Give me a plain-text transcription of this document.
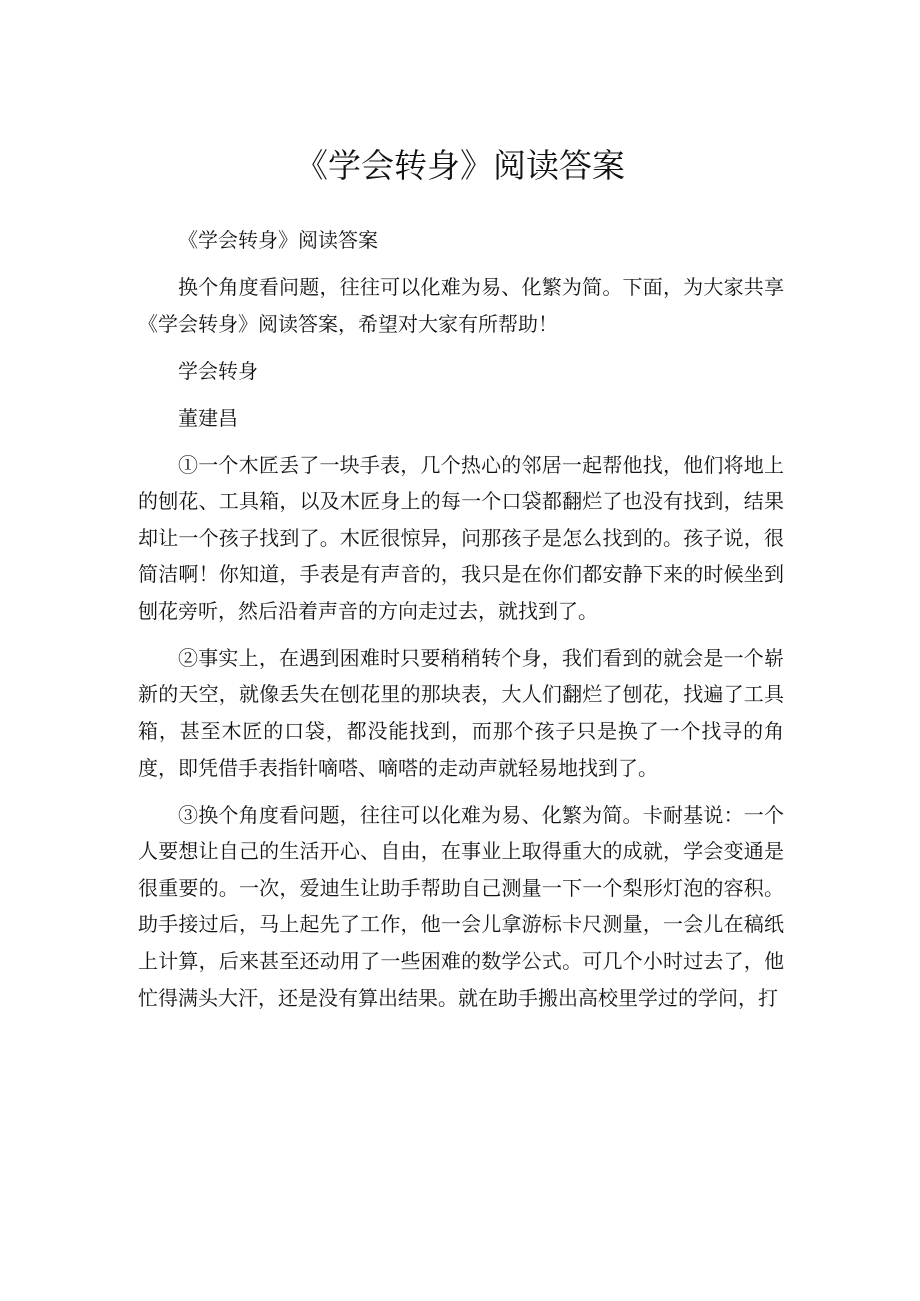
《学会转身》阅读答案

《学会转身》阅读答案

换个角度看问题，往往可以化难为易、化繁为简。下面，为大家共享《学会转身》阅读答案，希望对大家有所帮助！

学会转身

董建昌

①一个木匠丢了一块手表，几个热心的邻居一起帮他找，他们将地上的刨花、工具箱，以及木匠身上的每一个口袋都翻烂了也没有找到，结果却让一个孩子找到了。木匠很惊异，问那孩子是怎么找到的。孩子说，很简洁啊！你知道，手表是有声音的，我只是在你们都安静下来的时候坐到刨花旁听，然后沿着声音的方向走过去，就找到了。

②事实上，在遇到困难时只要稍稍转个身，我们看到的就会是一个崭新的天空，就像丢失在刨花里的那块表，大人们翻烂了刨花，找遍了工具箱，甚至木匠的口袋，都没能找到，而那个孩子只是换了一个找寻的角度，即凭借手表指针嘀嗒、嘀嗒的走动声就轻易地找到了。

③换个角度看问题，往往可以化难为易、化繁为简。卡耐基说：一个人要想让自己的生活开心、自由，在事业上取得重大的成就，学会变通是很重要的。一次，爱迪生让助手帮助自己测量一下一个梨形灯泡的容积。助手接过后，马上起先了工作，他一会儿拿游标卡尺测量，一会儿在稿纸上计算，后来甚至还动用了一些困难的数学公式。可几个小时过去了，他忙得满头大汗，还是没有算出结果。就在助手搬出高校里学过的学问，打
